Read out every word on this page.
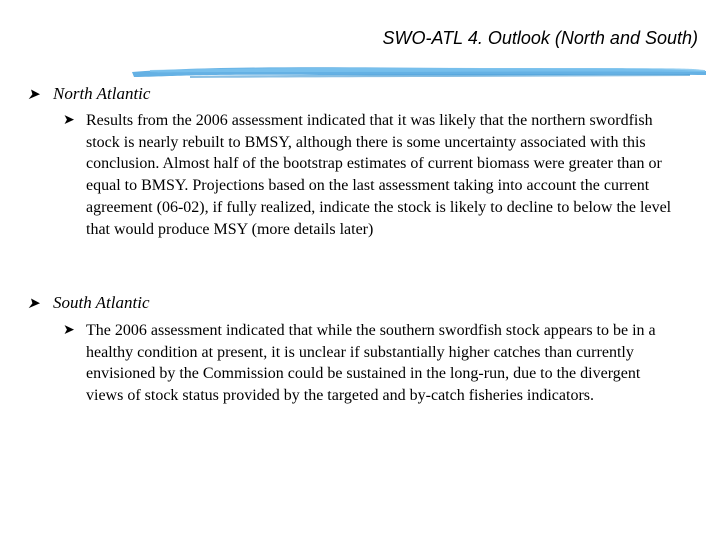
SWO-ATL 4. Outlook (North and South)
➤ North Atlantic
➤ Results from the 2006 assessment indicated that it was likely that the northern swordfish stock is nearly rebuilt to BMSY, although there is some uncertainty associated with this conclusion. Almost half of the bootstrap estimates of current biomass were greater than or equal to BMSY. Projections based on the last assessment taking into account the current agreement (06-02), if fully realized, indicate the stock is likely to decline to below the level that would produce MSY (more details later)
➤ South Atlantic
➤ The 2006 assessment indicated that while the southern swordfish stock appears to be in a healthy condition at present, it is unclear if substantially higher catches than currently envisioned by the Commission could be sustained in the long-run, due to the divergent views of stock status provided by the targeted and by-catch fisheries indicators.
